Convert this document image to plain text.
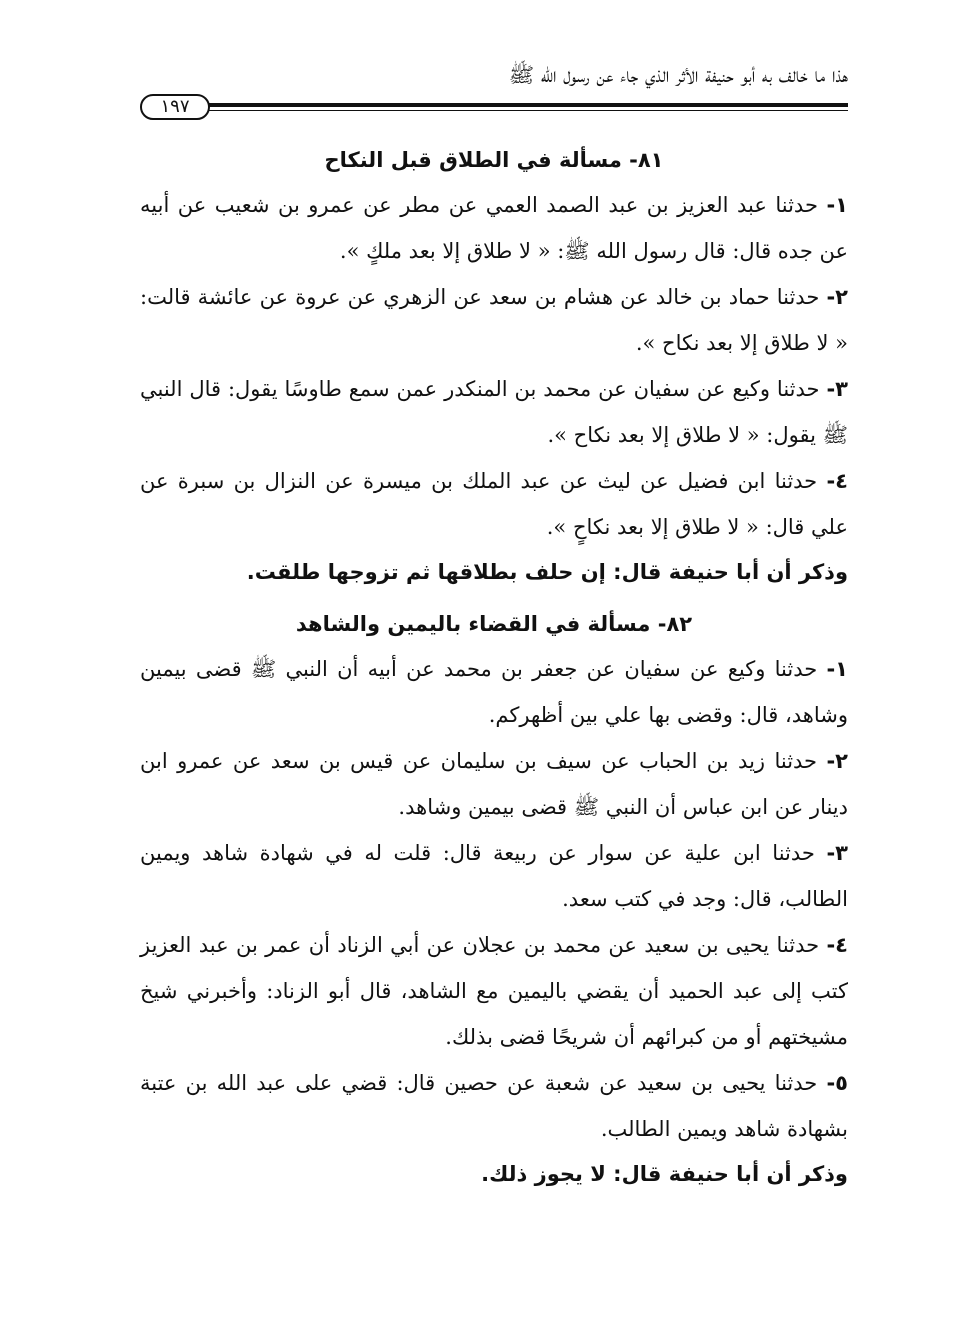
هذا ما خالف به أبو حنيفة الأثر الذي جاء عن رسول الله ﷺ

١٩٧
٨١- مسألة في الطلاق قبل النكاح

١- حدثنا عبد العزيز بن عبد الصمد العمي عن مطر عن عمرو بن شعيب عن أبيه عن جده قال: قال رسول الله ﷺ: « لا طلاق إلا بعد ملكٍ ».

٢- حدثنا حماد بن خالد عن هشام بن سعد عن الزهري عن عروة عن عائشة قالت: « لا طلاق إلا بعد نكاح ».

٣- حدثنا وكيع عن سفيان عن محمد بن المنكدر عمن سمع طاوسًا يقول: قال النبي ﷺ يقول: « لا طلاق إلا بعد نكاح ».

٤- حدثنا ابن فضيل عن ليث عن عبد الملك بن ميسرة عن النزال بن سبرة عن علي قال: « لا طلاق إلا بعد نكاحٍ ».

وذكر أن أبا حنيفة قال: إن حلف بطلاقها ثم تزوجها طلقت.

٨٢- مسألة في القضاء باليمين والشاهد

١- حدثنا وكيع عن سفيان عن جعفر بن محمد عن أبيه أن النبي ﷺ قضى بيمين وشاهد، قال: وقضى بها علي بين أظهركم.

٢- حدثنا زيد بن الحباب عن سيف بن سليمان عن قيس بن سعد عن عمرو ابن دينار عن ابن عباس أن النبي ﷺ قضى بيمين وشاهد.

٣- حدثنا ابن علية عن سوار عن ربيعة قال: قلت له في شهادة شاهد ويمين الطالب، قال: وجد في كتب سعد.

٤- حدثنا يحيى بن سعيد عن محمد بن عجلان عن أبي الزناد أن عمر بن عبد العزيز كتب إلى عبد الحميد أن يقضي باليمين مع الشاهد، قال أبو الزناد: وأخبرني شيخ مشيختهم أو من كبرائهم أن شريحًا قضى بذلك.

٥- حدثنا يحيى بن سعيد عن شعبة عن حصين قال: قضي على عبد الله بن عتبة بشهادة شاهد ويمين الطالب.

وذكر أن أبا حنيفة قال: لا يجوز ذلك.
